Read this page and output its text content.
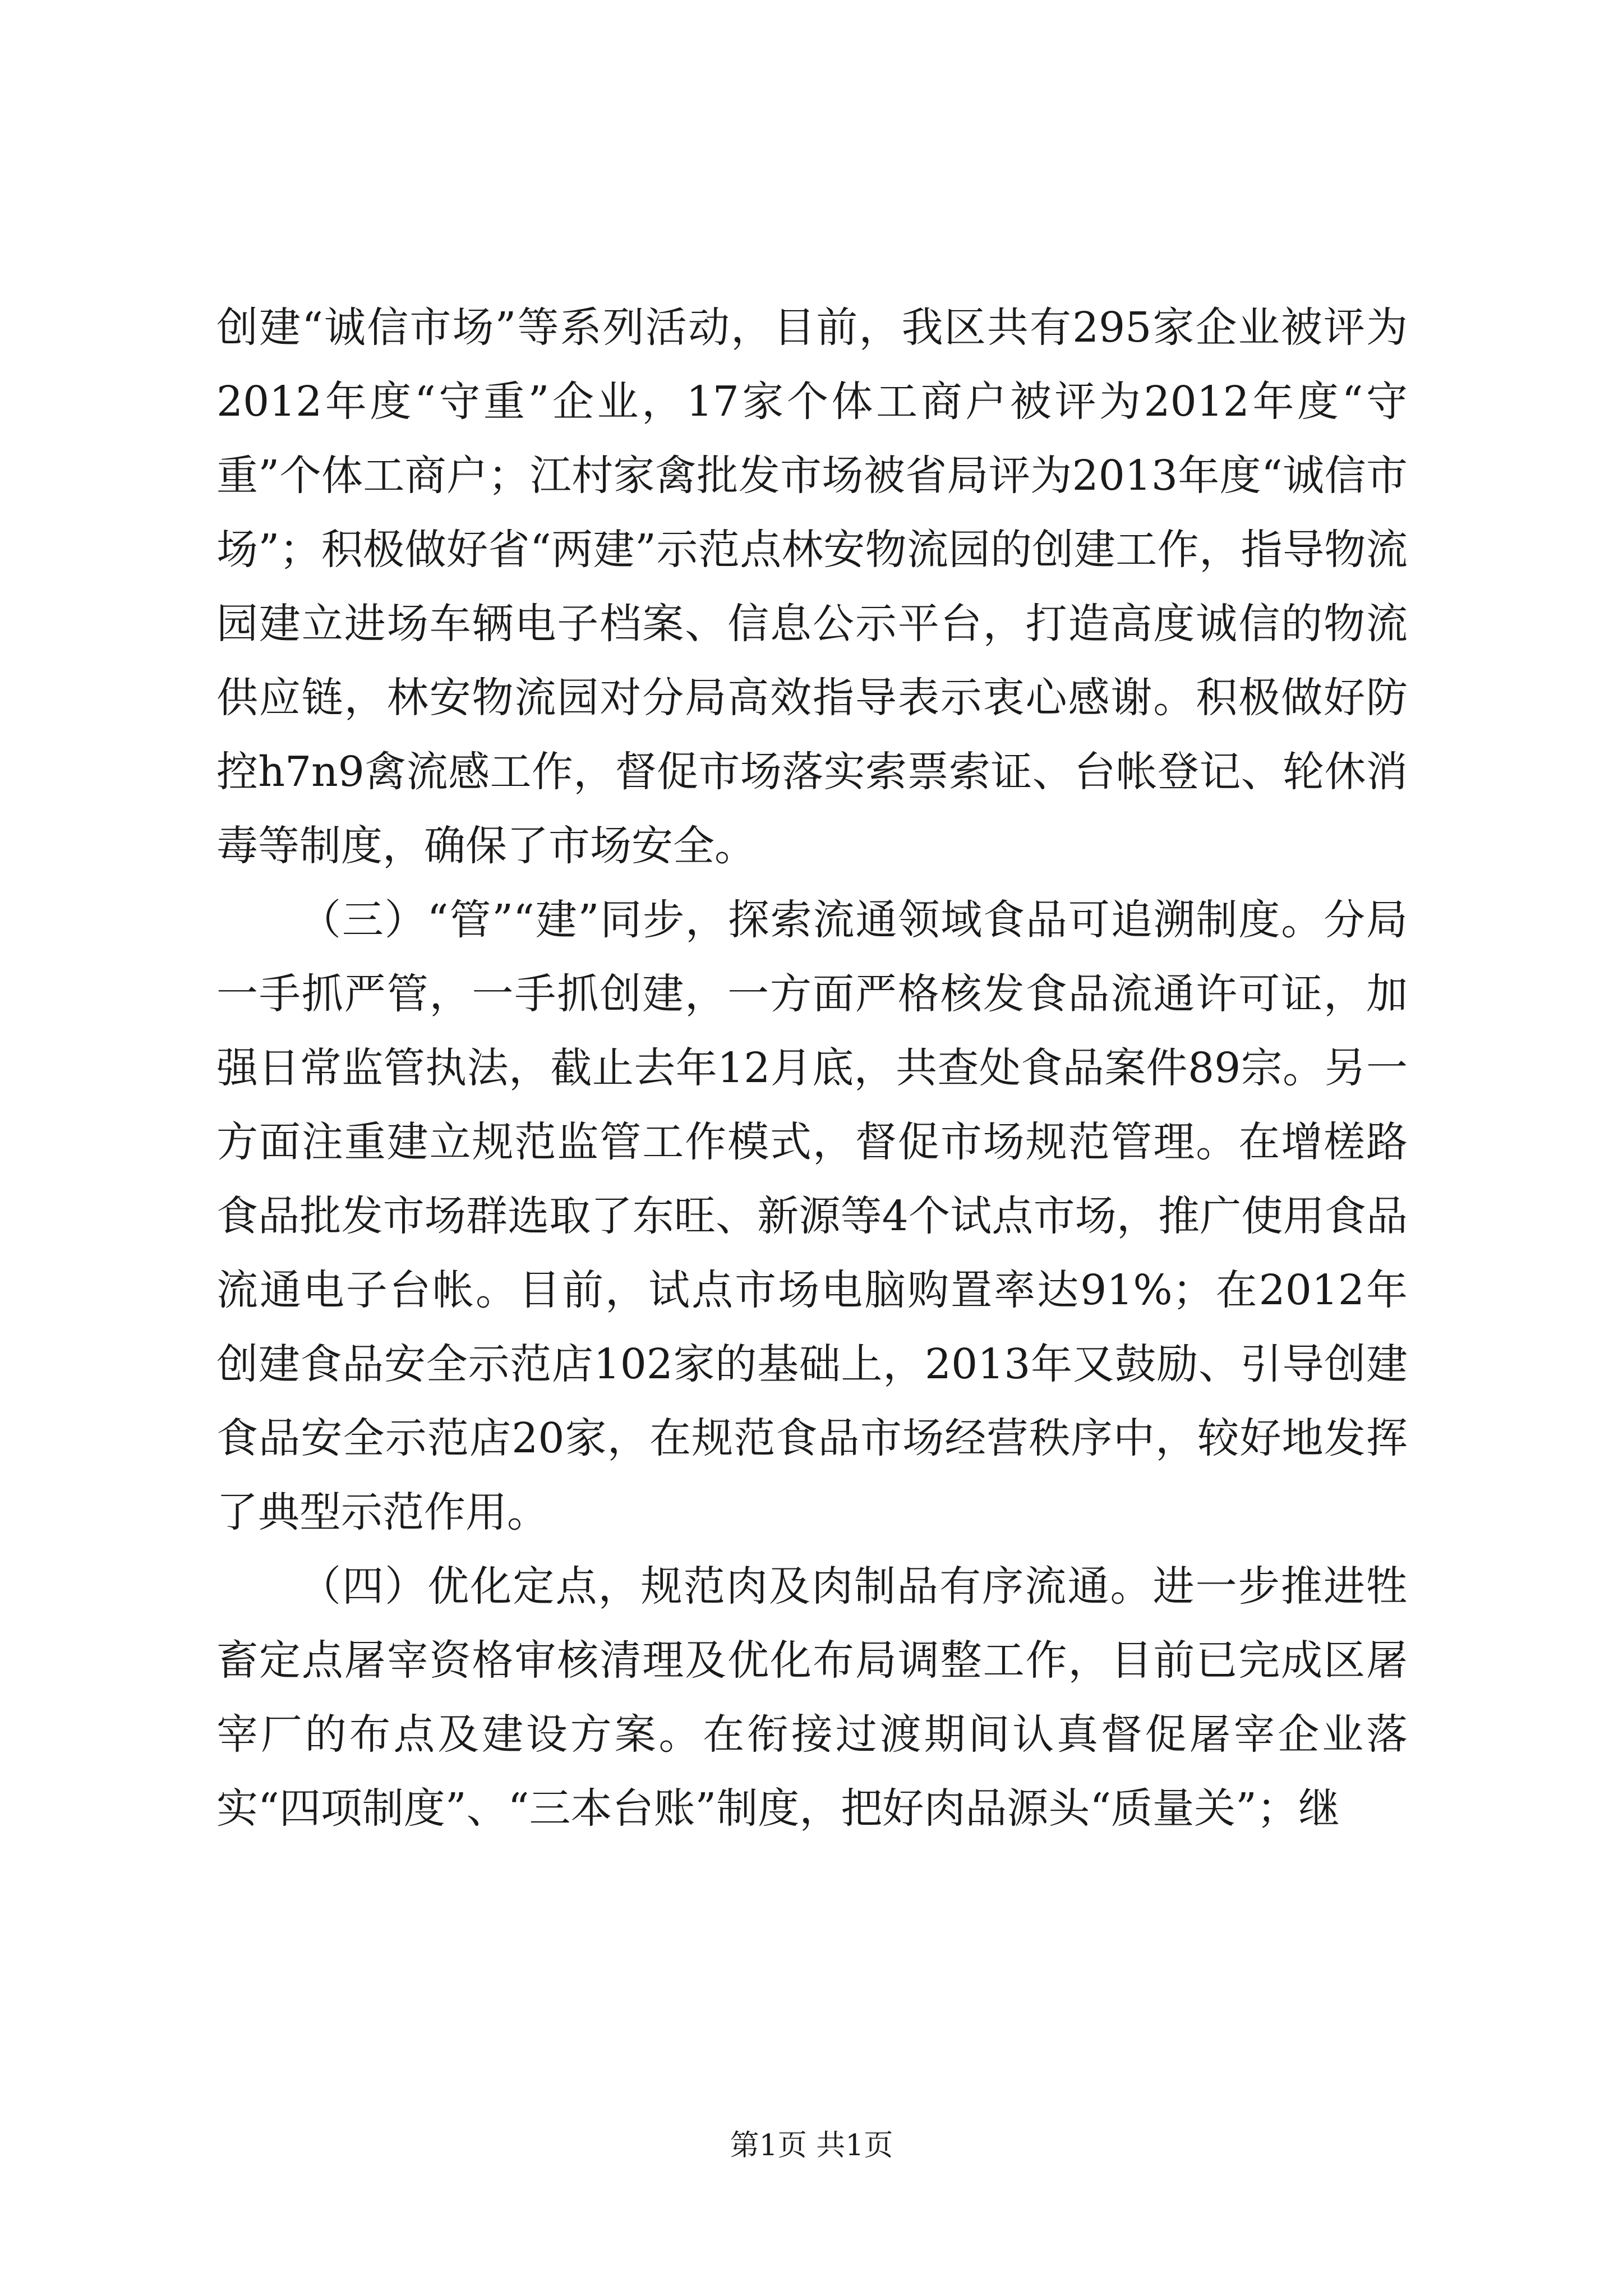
创建“诚信市场”等系列活动，目前，我区共有295家企业被评为2012年度“守重”企业，17家个体工商户被评为2012年度“守重”个体工商户；江村家禽批发市场被省局评为2013年度“诚信市场”；积极做好省“两建”示范点林安物流园的创建工作，指导物流园建立进场车辆电子档案、信息公示平台，打造高度诚信的物流供应链，林安物流园对分局高效指导表示衷心感谢。积极做好防控h7n9禽流感工作，督促市场落实索票索证、台帐登记、轮休消毒等制度，确保了市场安全。

（三）“管”“建”同步，探索流通领域食品可追溯制度。分局一手抓严管，一手抓创建，一方面严格核发食品流通许可证，加强日常监管执法，截止去年12月底，共查处食品案件89宗。另一方面注重建立规范监管工作模式，督促市场规范管理。在增槎路食品批发市场群选取了东旺、新源等4个试点市场，推广使用食品流通电子台帐。目前，试点市场电脑购置率达91%；在2012年创建食品安全示范店102家的基础上，2013年又鼓励、引导创建食品安全示范店20家，在规范食品市场经营秩序中，较好地发挥了典型示范作用。

（四）优化定点，规范肉及肉制品有序流通。进一步推进牲畜定点屠宰资格审核清理及优化布局调整工作，目前已完成区屠宰厂的布点及建设方案。在衔接过渡期间认真督促屠宰企业落实“四项制度”、“三本台账”制度，把好肉品源头“质量关”；继

第1页 共1页
